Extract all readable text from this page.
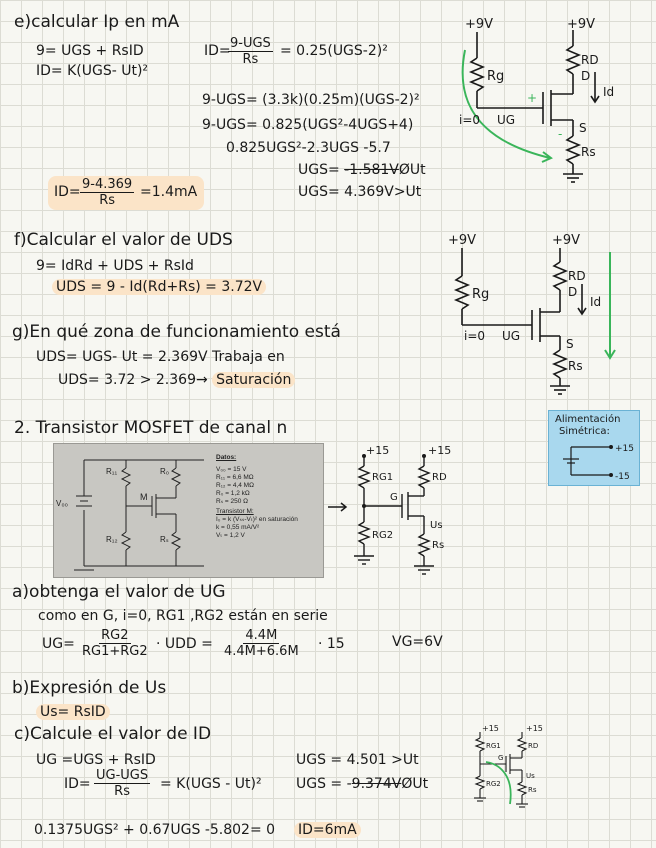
e)calcular Ip en mA
9= UGS + RsID
ID= K(UGS- Ut)²
ID= 9-UGS
Rs
= 0.25(UGS-2)²
9-UGS= (3.3k)(0.25m)(UGS-2)²
9-UGS= 0.825(UGS²-4UGS+4)
0.825UGS²-2.3UGS -5.7
UGS= -1.581VØUt
UGS= 4.369V>Ut
$ID= \frac{9-4.369}{Rs} =1.4mA$
+
-
+9V	+9V
Rg
RD
D
Id
i=0 UG
S
Rs
f)Calcular el valor de UDS
9= IdRd + UDS + RsId
UDS = 9 - Id(Rd+Rs) = 3.72V
g)En qué zona de funcionamiento está
UDS= UGS- Ut = 2.369V Trabaja en
UDS= 3.72 > 2.369→ Saturación
+9V	+9V
Rg
RD
D
Id
i=0 UG
S
Rs
2. Transistor MOSFET de canal n	Alimentación
Simétrica:
+15
-15
R₁₁	R₀
M
V₀₀
R₁₂	Rₛ
Datos:
V₀₀ = 15 V
R₁₁ = 6,6 MΩ
R₁₂ = 4,4 MΩ
R₀ = 1,2 kΩ
Rₛ = 250 Ω
Transistor M:
I₀ = k (Vₛₛ-Vₜ)² en saturación
k = 0,55 mA/V²
Vₜ = 1,2 V
+15	+15
RG1	RD
G
Us
RG2
Rs
a)obtenga el valor de UG
como en G, i=0, RG1 ,RG2 están en serie
$UG= \frac{RG2}{RG1+RG2}$ · UDD = $\frac{4.4M}{4.4M+6.6M} \cdot 15$	VG=6V
b)Expresión de Us
Us= RsID
c)Calcule el valor de ID
UG =UGS + RsID
ID=
UG-UGS
Rs = K(UGS - Ut)²
UGS = 4.501 >Ut
UGS = -9.374VØUt
0.1375UGS² + 0.67UGS -5.802= 0 ID=6mA
+15	+15
RG1	RD
G
Us
RG2
Rs
